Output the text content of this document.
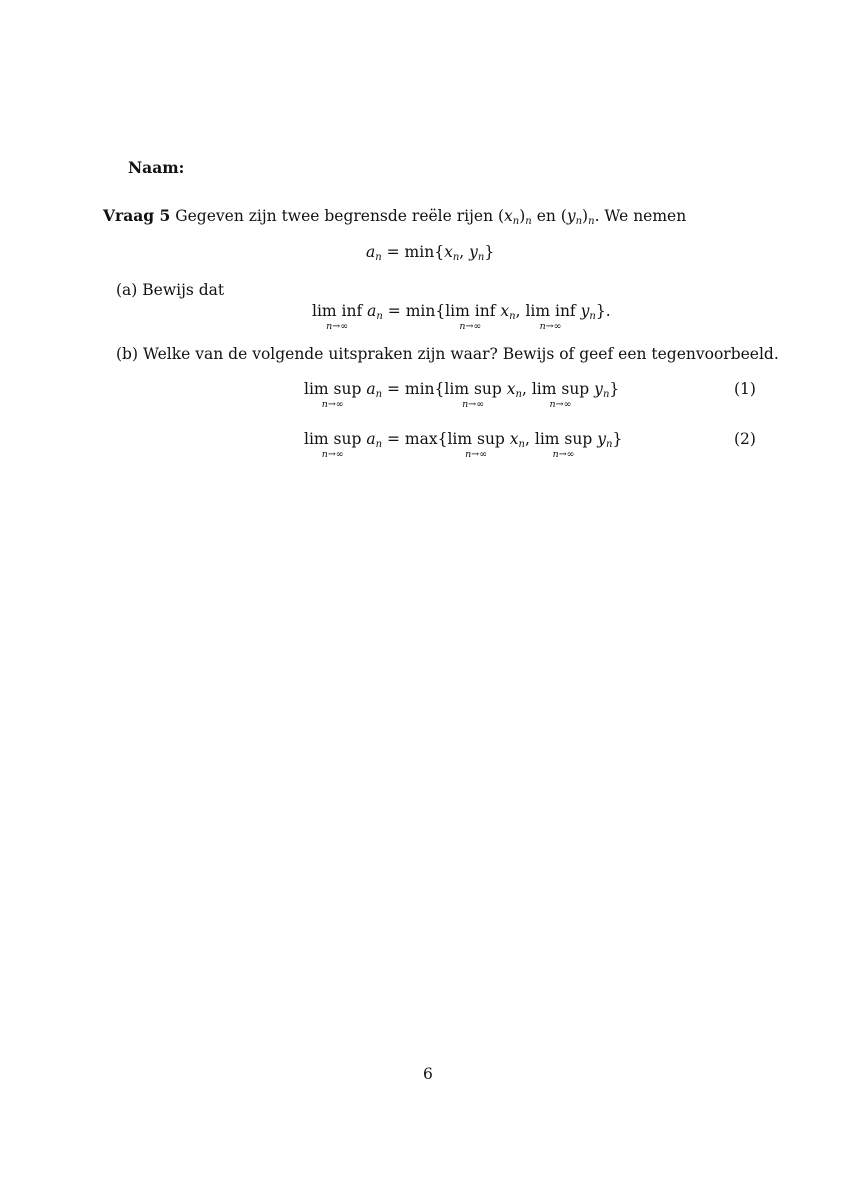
Naam:
Vraag 5 Gegeven zijn twee begrensde reële rijen (xn)n en (yn)n. We nemen
an = min{xn, yn}
(a) Bewijs dat
lim inf
n→∞
an = min{ lim inf
n→∞
xn, lim inf
n→∞
yn}.
(b) Welke van de volgende uitspraken zijn waar? Bewijs of geef een tegenvoorbeeld.
lim sup
n→∞
an = min{ lim sup
n→∞
xn, lim sup
n→∞
yn}	(1)
lim sup
n→∞
an = max{ lim sup
n→∞
xn, lim sup
n→∞
yn}	(2)
6
